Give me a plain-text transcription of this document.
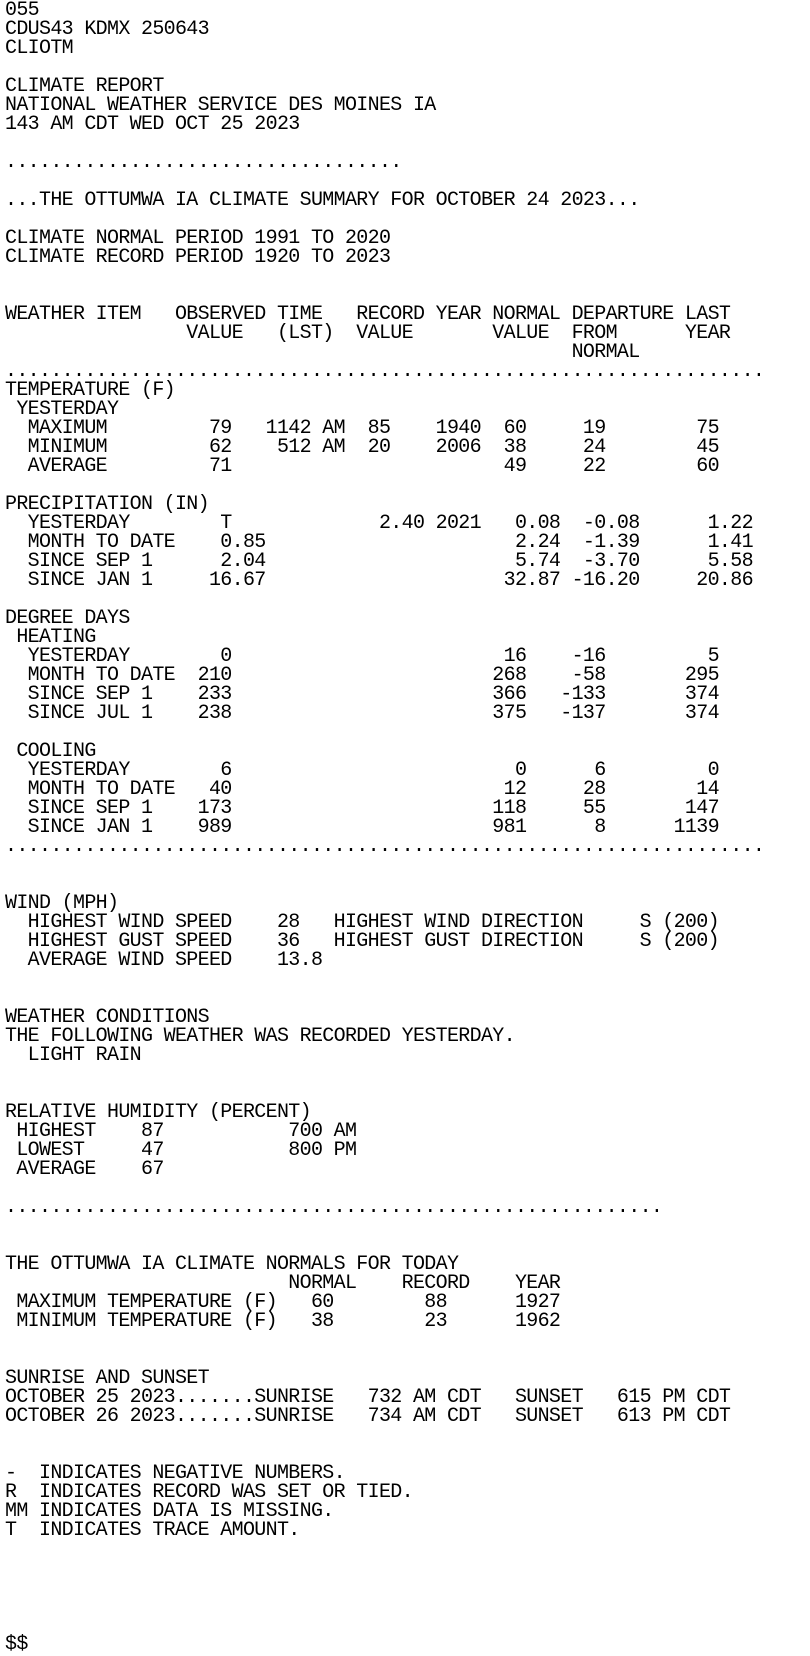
055
CDUS43 KDMX 250643
CLIOTM

CLIMATE REPORT
NATIONAL WEATHER SERVICE DES MOINES IA
143 AM CDT WED OCT 25 2023

...................................

...THE OTTUMWA IA CLIMATE SUMMARY FOR OCTOBER 24 2023...

CLIMATE NORMAL PERIOD 1991 TO 2020
CLIMATE RECORD PERIOD 1920 TO 2023

WEATHER ITEM   OBSERVED TIME   RECORD YEAR NORMAL DEPARTURE LAST
VALUE   (LST)  VALUE       VALUE  FROM      YEAR
NORMAL
...................................................................
TEMPERATURE (F)
YESTERDAY
MAXIMUM         79   1142 AM  85    1940  60     19        75
MINIMUM         62    512 AM  20    2006  38     24        45
AVERAGE         71                        49     22        60

PRECIPITATION (IN)
YESTERDAY        T             2.40 2021   0.08  -0.08      1.22
MONTH TO DATE    0.85                      2.24  -1.39      1.41
SINCE SEP 1      2.04                      5.74  -3.70      5.58
SINCE JAN 1     16.67                     32.87 -16.20     20.86

DEGREE DAYS
HEATING
YESTERDAY        0                        16    -16         5
MONTH TO DATE  210                       268    -58       295
SINCE SEP 1    233                       366   -133       374
SINCE JUL 1    238                       375   -137       374

COOLING
YESTERDAY        6                         0      6         0
MONTH TO DATE   40                        12     28        14
SINCE SEP 1    173                       118     55       147
SINCE JAN 1    989                       981      8      1139
...................................................................

WIND (MPH)
HIGHEST WIND SPEED    28   HIGHEST WIND DIRECTION     S (200)
HIGHEST GUST SPEED    36   HIGHEST GUST DIRECTION     S (200)
AVERAGE WIND SPEED    13.8

WEATHER CONDITIONS
THE FOLLOWING WEATHER WAS RECORDED YESTERDAY.
LIGHT RAIN

RELATIVE HUMIDITY (PERCENT)
HIGHEST    87           700 AM
LOWEST     47           800 PM
AVERAGE    67

..........................................................

THE OTTUMWA IA CLIMATE NORMALS FOR TODAY
NORMAL    RECORD    YEAR
MAXIMUM TEMPERATURE (F)   60        88      1927
MINIMUM TEMPERATURE (F)   38        23      1962

SUNRISE AND SUNSET
OCTOBER 25 2023.......SUNRISE   732 AM CDT   SUNSET   615 PM CDT
OCTOBER 26 2023.......SUNRISE   734 AM CDT   SUNSET   613 PM CDT

-  INDICATES NEGATIVE NUMBERS.
R  INDICATES RECORD WAS SET OR TIED.
MM INDICATES DATA IS MISSING.
T  INDICATES TRACE AMOUNT.

$$
